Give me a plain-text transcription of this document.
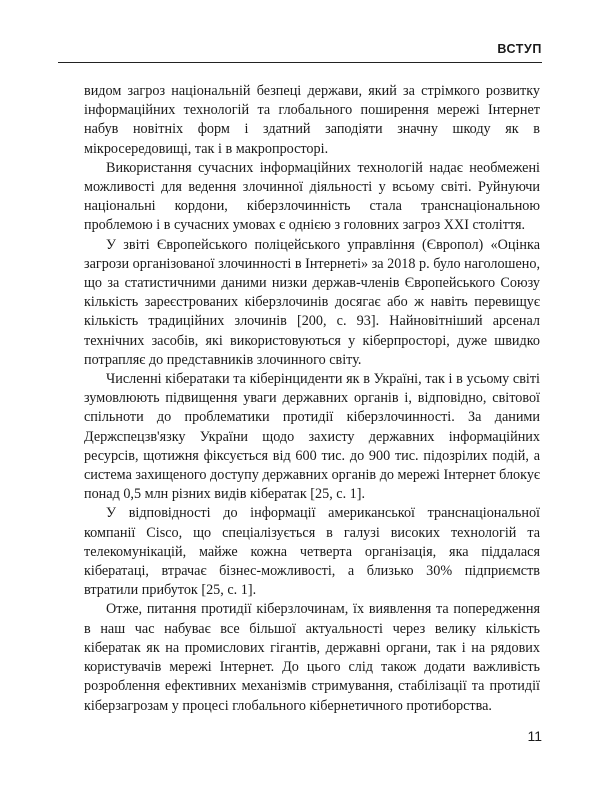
ВСТУП

видом загроз національній безпеці держави, який за стрімкого розвитку інформаційних технологій та глобального поширення мережі Інтернет набув новітніх форм і здатний заподіяти значну шкоду як в мікросередовищі, так і в макропросторі.

Використання сучасних інформаційних технологій надає необмежені можливості для ведення злочинної діяльності у всьому світі. Руйнуючи національні кордони, кіберзлочинність стала транснаціональною проблемою і в сучасних умовах є однією з головних загроз XXI століття.

У звіті Європейського поліцейського управління (Європол) «Оцінка загрози організованої злочинності в Інтернеті» за 2018 р. було наголошено, що за статистичними даними низки держав-членів Європейського Союзу кількість зареєстрованих кіберзлочинів досягає або ж навіть перевищує кількість традиційних злочинів [200, с. 93]. Найновітніший арсенал технічних засобів, які використовуються у кіберпросторі, дуже швидко потрапляє до представників злочинного світу.

Численні кібератаки та кіберінциденти як в Україні, так і в усьому світі зумовлюють підвищення уваги державних органів і, відповідно, світової спільноти до проблематики протидії кіберзлочинності. За даними Держспецзв'язку України щодо захисту державних інформаційних ресурсів, щотижня фіксується від 600 тис. до 900 тис. підозрілих подій, а система захищеного доступу державних органів до мережі Інтернет блокує понад 0,5 млн різних видів кібератак [25, с. 1].

У відповідності до інформації американської транснаціональної компанії Cisco, що спеціалізується в галузі високих технологій та телекомунікацій, майже кожна четверта організація, яка піддалася кібератаці, втрачає бізнес-можливості, а близько 30% підприємств втратили прибуток [25, с. 1].

Отже, питання протидії кіберзлочинам, їх виявлення та попередження в наш час набуває все більшої актуальності через велику кількість кібератак як на промислових гігантів, державні органи, так і на рядових користувачів мережі Інтернет. До цього слід також додати важливість розроблення ефективних механізмів стримування, стабілізації та протидії кіберзагрозам у процесі глобального кібернетичного протиборства.

11
